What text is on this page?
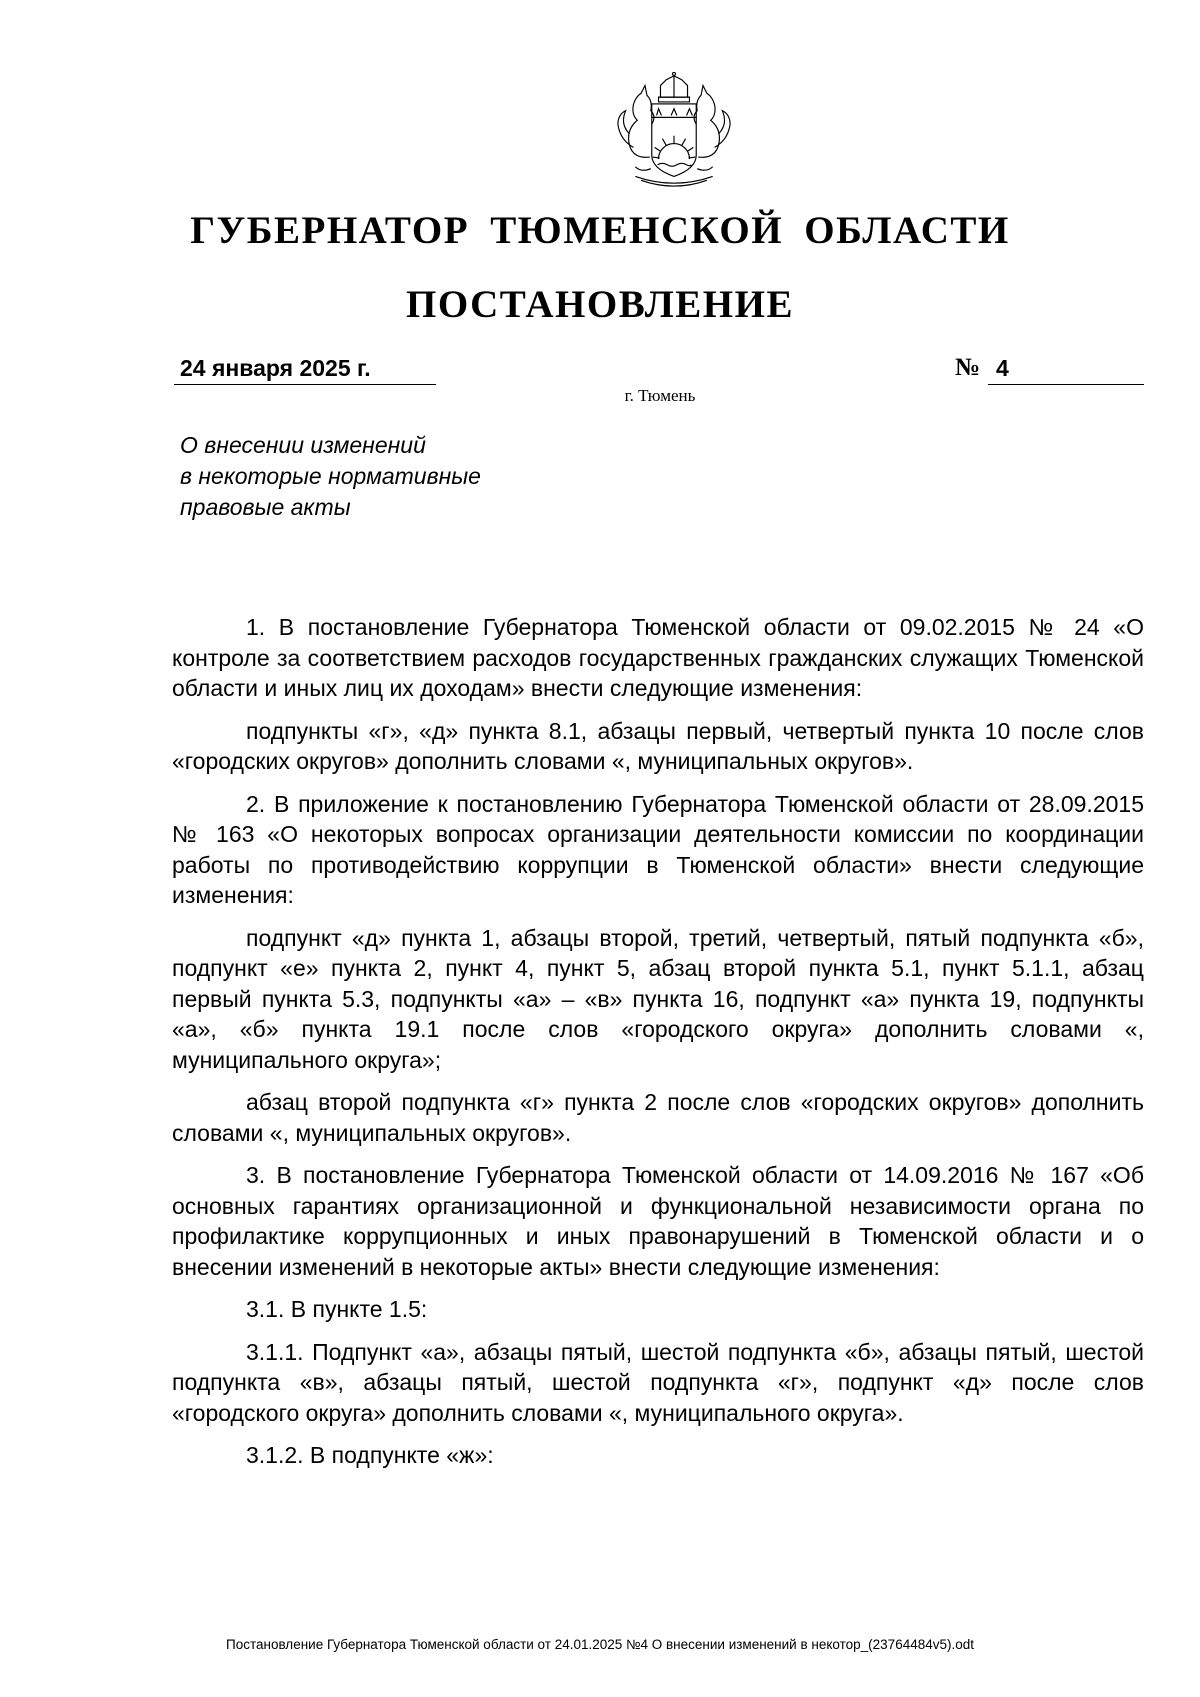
ГУБЕРНАТОР ТЮМЕНСКОЙ ОБЛАСТИ
ПОСТАНОВЛЕНИЕ
24 января 2025 г.	№ 4
г. Тюмень
О внесении изменений
в некоторые нормативные
правовые акты

1. В постановление Губернатора Тюменской области от 09.02.2015 № 24 «О контроле за соответствием расходов государственных гражданских служащих Тюменской области и иных лиц их доходам» внести следующие изменения:

подпункты «г», «д» пункта 8.1, абзацы первый, четвертый пункта 10 после слов «городских округов» дополнить словами «, муниципальных округов».

2. В приложение к постановлению Губернатора Тюменской области от 28.09.2015 № 163 «О некоторых вопросах организации деятельности комиссии по координации работы по противодействию коррупции в Тюменской области» внести следующие изменения:

подпункт «д» пункта 1, абзацы второй, третий, четвертый, пятый подпункта «б», подпункт «е» пункта 2, пункт 4, пункт 5, абзац второй пункта 5.1, пункт 5.1.1, абзац первый пункта 5.3, подпункты «а» – «в» пункта 16, подпункт «а» пункта 19, подпункты «а», «б» пункта 19.1 после слов «городского округа» дополнить словами «, муниципального округа»;

абзац второй подпункта «г» пункта 2 после слов «городских округов» дополнить словами «, муниципальных округов».

3. В постановление Губернатора Тюменской области от 14.09.2016 № 167 «Об основных гарантиях организационной и функциональной независимости органа по профилактике коррупционных и иных правонарушений в Тюменской области и о внесении изменений в некоторые акты» внести следующие изменения:

3.1. В пункте 1.5:

3.1.1. Подпункт «а», абзацы пятый, шестой подпункта «б», абзацы пятый, шестой подпункта «в», абзацы пятый, шестой подпункта «г», подпункт «д» после слов «городского округа» дополнить словами «, муниципального округа».

3.1.2. В подпункте «ж»:

Постановление Губернатора Тюменской области от 24.01.2025 №4 О внесении изменений в некотор_(23764484v5).odt
